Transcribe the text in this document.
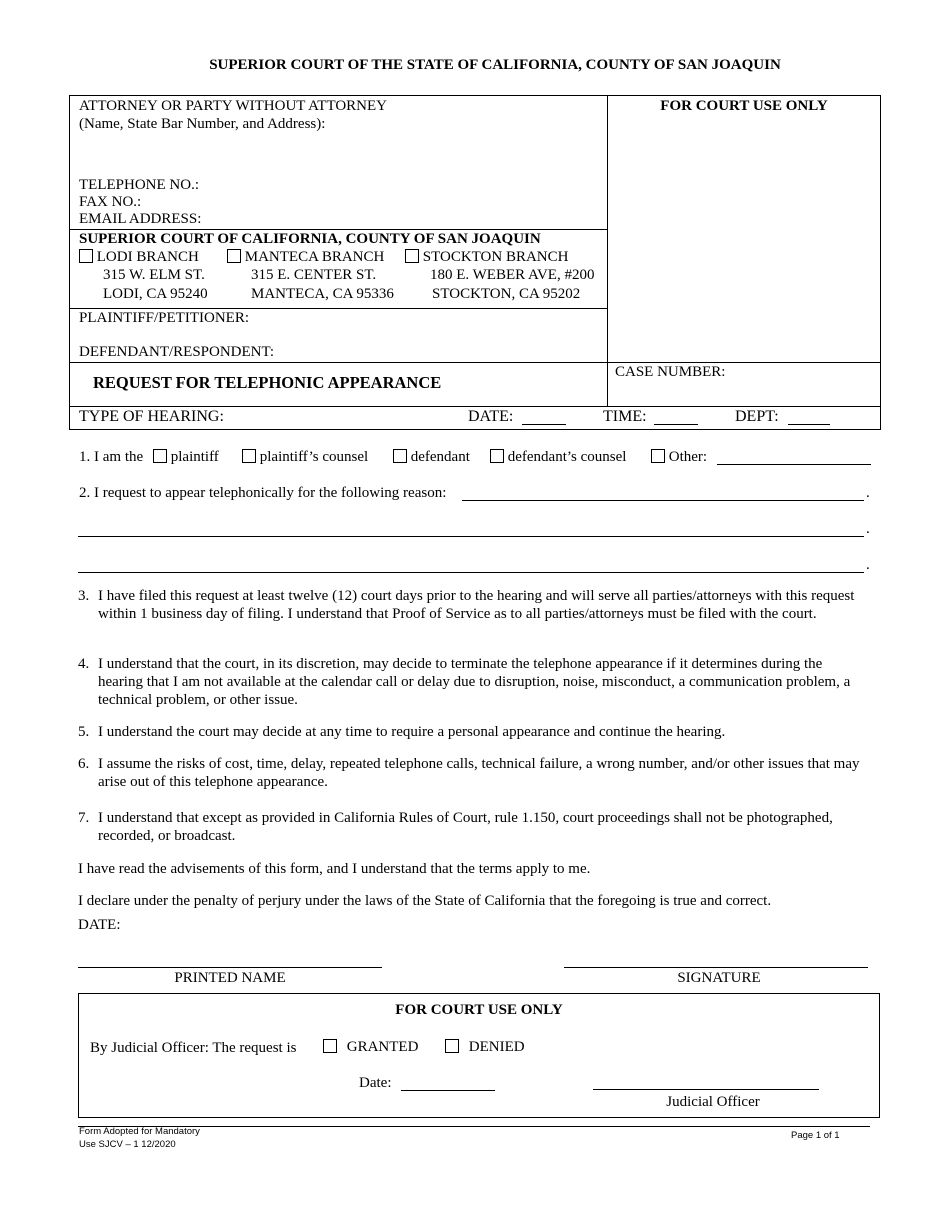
SUPERIOR COURT OF THE STATE OF CALIFORNIA, COUNTY OF SAN JOAQUIN
ATTORNEY OR PARTY WITHOUT ATTORNEY
(Name, State Bar Number, and Address):
TELEPHONE NO.:
FAX NO.:
EMAIL ADDRESS:
FOR COURT USE ONLY
SUPERIOR COURT OF CALIFORNIA, COUNTY OF SAN JOAQUIN
LODI BRANCH	MANTECA BRANCH	STOCKTON BRANCH
315 W. ELM ST.	315 E. CENTER ST.	180 E. WEBER AVE, #200
LODI, CA 95240	MANTECA, CA 95336	STOCKTON, CA 95202
PLAINTIFF/PETITIONER:
DEFENDANT/RESPONDENT:
REQUEST FOR TELEPHONIC APPEARANCE
CASE NUMBER:
TYPE OF HEARING:	DATE:	TIME:	DEPT:
1. I am the	plaintiff	plaintiff’s counsel	defendant	defendant’s counsel	Other:
2. I request to appear telephonically for the following reason:	.
.
.
3. I have filed this request at least twelve (12) court days prior to the hearing and will serve all parties/attorneys with this request within 1 business day of filing. I understand that Proof of Service as to all parties/attorneys must be filed with the court.
4. I understand that the court, in its discretion, may decide to terminate the telephone appearance if it determines during the hearing that I am not available at the calendar call or delay due to disruption, noise, misconduct, a communication problem, a technical problem, or other issue.
5. I understand the court may decide at any time to require a personal appearance and continue the hearing.
6. I assume the risks of cost, time, delay, repeated telephone calls, technical failure, a wrong number, and/or other issues that may arise out of this telephone appearance.
7. I understand that except as provided in California Rules of Court, rule 1.150, court proceedings shall not be photographed, recorded, or broadcast.
I have read the advisements of this form, and I understand that the terms apply to me.
I declare under the penalty of perjury under the laws of the State of California that the foregoing is true and correct.
DATE:
PRINTED NAME	SIGNATURE
FOR COURT USE ONLY
By Judicial Officer: The request is	GRANTED	DENIED
Date:
Judicial Officer
Form Adopted for Mandatory
Use SJCV – 1 12/2020
Page 1 of 1
